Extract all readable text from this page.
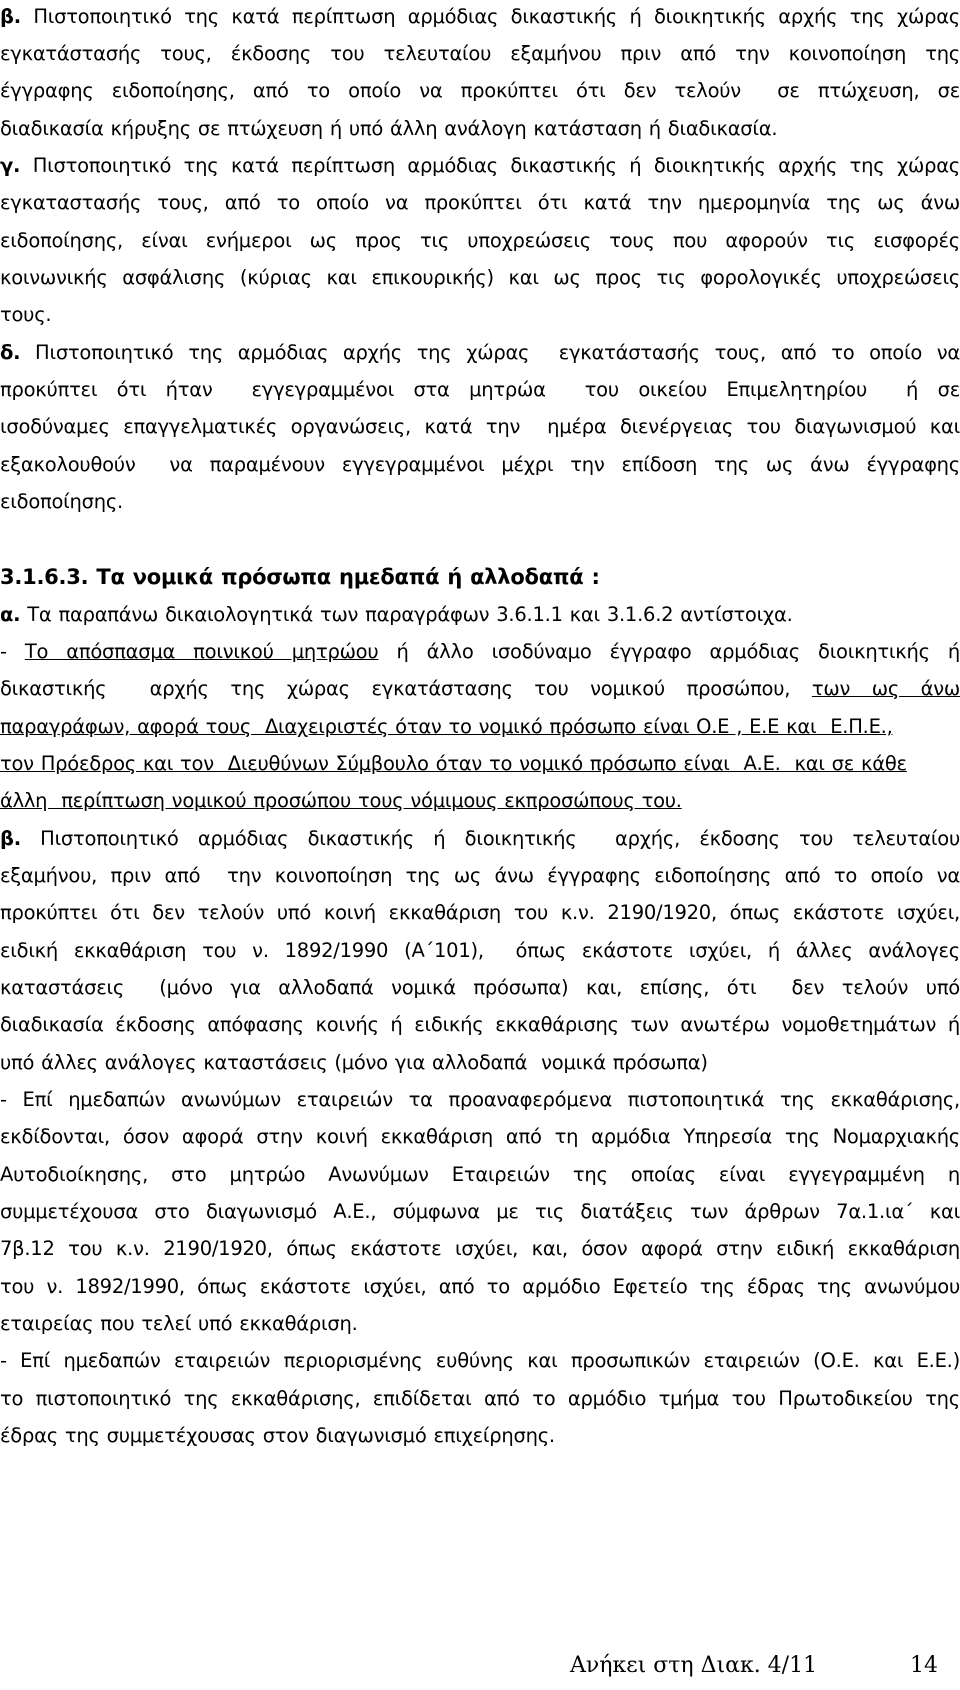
β. Πιστοποιητικό της κατά περίπτωση αρμόδιας δικαστικής ή διοικητικής αρχής της χώρας
εγκατάστασής τους, έκδοσης του τελευταίου εξαμήνου πριν από την κοινοποίηση της
έγγραφης ειδοποίησης, από το οποίο να προκύπτει ότι δεν τελούν  σε πτώχευση, σε
διαδικασία κήρυξης σε πτώχευση ή υπό άλλη ανάλογη κατάσταση ή διαδικασία.
γ. Πιστοποιητικό της κατά περίπτωση αρμόδιας δικαστικής ή διοικητικής αρχής της χώρας
εγκαταστασής τους, από το οποίο να προκύπτει ότι κατά την ημερομηνία της ως άνω
ειδοποίησης, είναι ενήμεροι ως προς τις υποχρεώσεις τους που αφορούν τις εισφορές
κοινωνικής ασφάλισης (κύριας και επικουρικής) και ως προς τις φορολογικές υποχρεώσεις
τους.
δ. Πιστοποιητικό της αρμόδιας αρχής της χώρας  εγκατάστασής τους, από το οποίο να
προκύπτει ότι ήταν  εγγεγραμμένοι στα μητρώα  του οικείου Επιμελητηρίου  ή σε
ισοδύναμες επαγγελματικές οργανώσεις, κατά την  ημέρα διενέργειας του διαγωνισμού και
εξακολουθούν  να παραμένουν εγγεγραμμένοι μέχρι την επίδοση της ως άνω έγγραφης
ειδοποίησης.
3.1.6.3. Τα νομικά πρόσωπα ημεδαπά ή αλλοδαπά :
α. Τα παραπάνω δικαιολογητικά των παραγράφων 3.6.1.1 και 3.1.6.2 αντίστοιχα.
- Το απόσπασμα ποινικού μητρώου ή άλλο ισοδύναμο έγγραφο αρμόδιας διοικητικής ή
δικαστικής  αρχής της χώρας εγκατάστασης του νομικού προσώπου, των ως άνω
παραγράφων, αφορά τους  Διαχειριστές όταν το νομικό πρόσωπο είναι Ο.Ε , Ε.Ε και  Ε.Π.Ε.,
τον Πρόεδρος και τον  Διευθύνων Σύμβουλο όταν το νομικό πρόσωπο είναι  Α.Ε.  και σε κάθε
άλλη  περίπτωση νομικού προσώπου τους νόμιμους εκπροσώπους του.
β. Πιστοποιητικό αρμόδιας δικαστικής ή διοικητικής  αρχής, έκδοσης του τελευταίου
εξαμήνου, πριν από  την κοινοποίηση της ως άνω έγγραφης ειδοποίησης από το οποίο να
προκύπτει ότι δεν τελούν υπό κοινή εκκαθάριση του κ.ν. 2190/1920, όπως εκάστοτε ισχύει,
ειδική εκκαθάριση του ν. 1892/1990 (Α΄101),  όπως εκάστοτε ισχύει, ή άλλες ανάλογες
καταστάσεις  (μόνο για αλλοδαπά νομικά πρόσωπα) και, επίσης, ότι  δεν τελούν υπό
διαδικασία έκδοσης απόφασης κοινής ή ειδικής εκκαθάρισης των ανωτέρω νομοθετημάτων ή
υπό άλλες ανάλογες καταστάσεις (μόνο για αλλοδαπά  νομικά πρόσωπα)
- Επί ημεδαπών ανωνύμων εταιρειών τα προαναφερόμενα πιστοποιητικά της εκκαθάρισης,
εκδίδονται, όσον αφορά στην κοινή εκκαθάριση από τη αρμόδια Υπηρεσία της Νομαρχιακής
Αυτοδιοίκησης, στο μητρώο Ανωνύμων Εταιρειών της οποίας είναι εγγεγραμμένη η
συμμετέχουσα στο διαγωνισμό Α.Ε., σύμφωνα με τις διατάξεις των άρθρων 7α.1.ια΄ και
7β.12 του κ.ν. 2190/1920, όπως εκάστοτε ισχύει, και, όσον αφορά στην ειδική εκκαθάριση
του ν. 1892/1990, όπως εκάστοτε ισχύει, από το αρμόδιο Εφετείο της έδρας της ανωνύμου
εταιρείας που τελεί υπό εκκαθάριση.
- Επί ημεδαπών εταιρειών περιορισμένης ευθύνης και προσωπικών εταιρειών (Ο.Ε. και Ε.Ε.)
το πιστοποιητικό της εκκαθάρισης, επιδίδεται από το αρμόδιο τμήμα του Πρωτοδικείου της
έδρας της συμμετέχουσας στον διαγωνισμό επιχείρησης.
Ανήκει στη Διακ. 4/11	14
